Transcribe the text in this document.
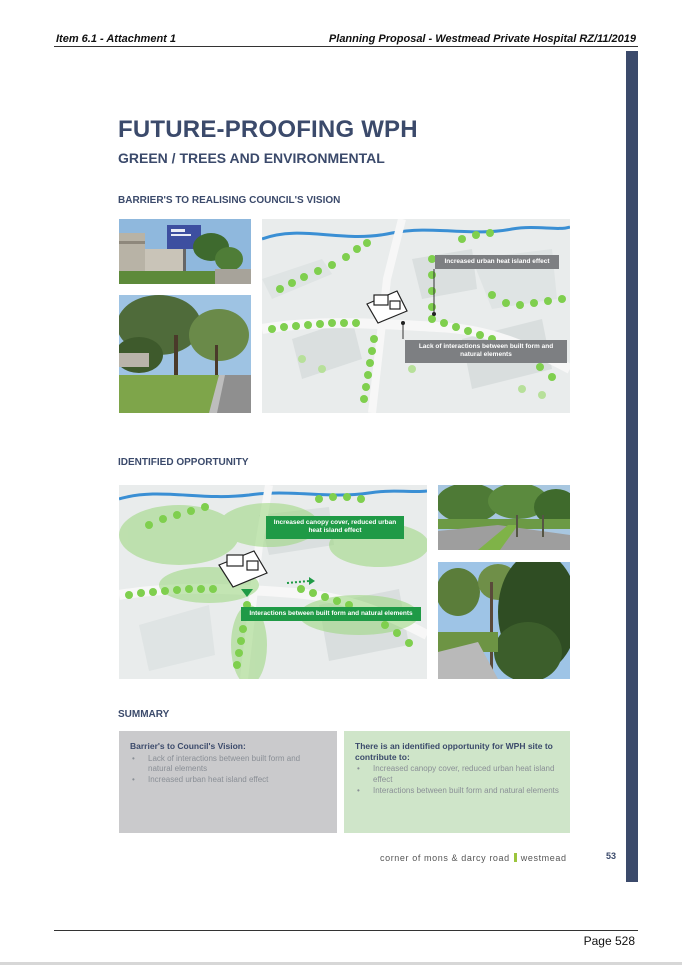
Item 6.1 - Attachment 1	Planning Proposal - Westmead Private Hospital RZ/11/2019
FUTURE-PROOFING WPH
GREEN / TREES AND ENVIRONMENTAL
BARRIER'S TO REALISING COUNCIL'S VISION
Increased urban heat island effect
Lack of interactions between built form and natural elements
IDENTIFIED OPPORTUNITY
Increased canopy cover, reduced urban heat island effect
Interactions between built form and natural elements
SUMMARY
Barrier's to Council's Vision:
• Lack of interactions between built form and natural elements
• Increased urban heat island effect
There is an identified opportunity for WPH site to contribute to:
• Increased canopy cover, reduced urban heat island effect
• Interactions between built form and natural elements
corner of mons & darcy road westmead	53
Page 528
